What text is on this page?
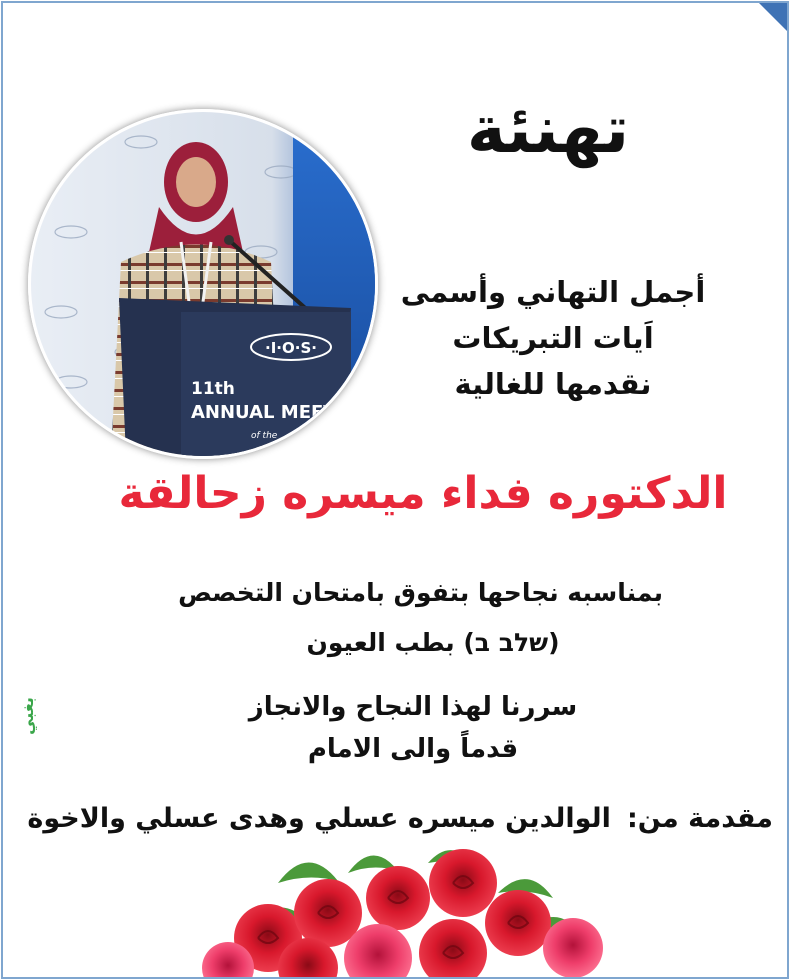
·I·O·S·
11th
ANNUAL MEETING
of the
تهنئة
أجمل التهاني وأسمى
اَيات التبريكات
نقدمها للغالية
الدكتوره فداء ميسره زحالقة
بمناسبه نجاحها بتفوق بامتحان التخصص
(שלב ב) بطب العيون
سررنا لهذا النجاح والانجاز
قدماً والى الامام
مقدمة من:الوالدين ميسره عسلي وهدى عسلي والاخوة
بغبي
